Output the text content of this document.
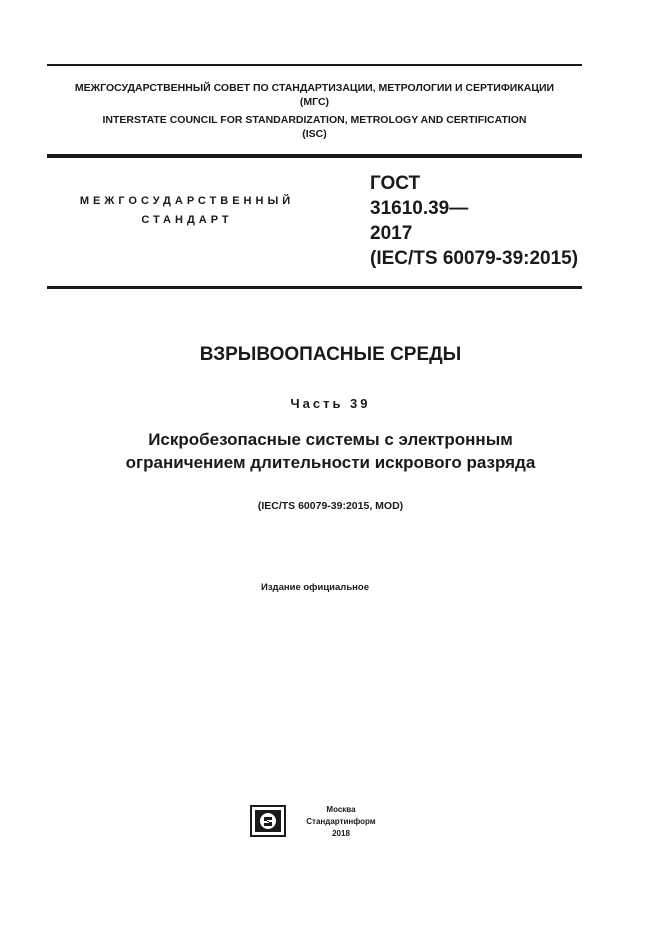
МЕЖГОСУДАРСТВЕННЫЙ СОВЕТ ПО СТАНДАРТИЗАЦИИ, МЕТРОЛОГИИ И СЕРТИФИКАЦИИ
(МГС)
INTERSTATE COUNCIL FOR STANDARDIZATION, METROLOGY AND CERTIFICATION
(ISC)
МЕЖГОСУДАРСТВЕННЫЙ
СТАНДАРТ
ГОСТ
31610.39—
2017
(IEC/TS 60079-39:2015)
ВЗРЫВООПАСНЫЕ СРЕДЫ
Часть 39
Искробезопасные системы с электронным
ограничением длительности искрового разряда
(IEC/TS 60079-39:2015, MOD)
Издание официальное
Москва
Стандартинформ
2018
